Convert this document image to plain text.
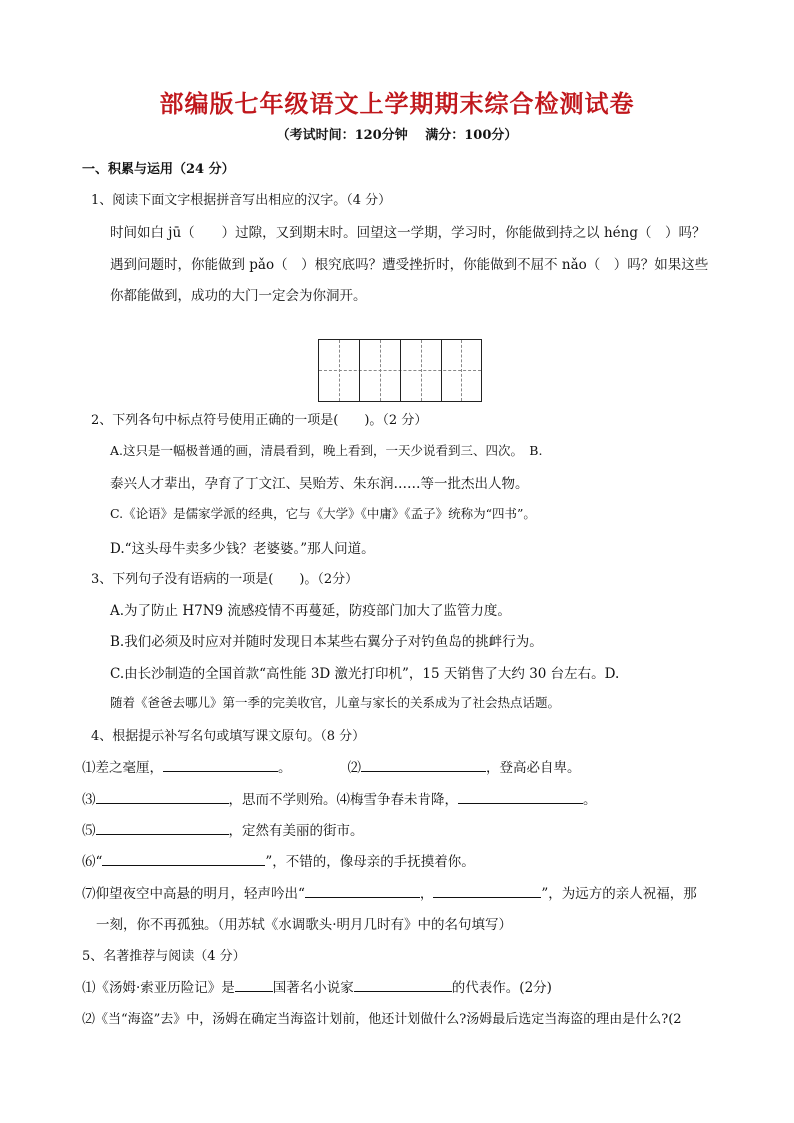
部编版七年级语文上学期期末综合检测试卷
（考试时间：120分钟　 满分：100分）
一、积累与运用（24 分）
1、阅读下面文字根据拼音写出相应的汉字。（4 分）
时间如白 jū（　　）过隙，又到期末时。回望这一学期，学习时，你能做到持之以 héng（　）吗？
遇到问题时，你能做到 pǎo（　）根究底吗？遭受挫折时，你能做到不屈不 nǎo（　）吗？如果这些
你都能做到，成功的大门一定会为你洞开。
2、下列各句中标点符号使用正确的一项是(　　)。（2 分）
A.这只是一幅极普通的画，清晨看到，晚上看到，一天少说看到三、四次。　B.
泰兴人才辈出，孕育了丁文江、吴贻芳、朱东润……等一批杰出人物。
C.《论语》是儒家学派的经典，它与《大学》《中庸》《孟子》统称为“四书”。
D.“这头母牛卖多少钱？老婆婆。”那人问道。
3、下列句子没有语病的一项是(　　)。（2分）
A.为了防止 H7N9 流感疫情不再蔓延，防疫部门加大了监管力度。
B.我们必须及时应对并随时发现日本某些右翼分子对钓鱼岛的挑衅行为。
C.由长沙制造的全国首款“高性能 3D 激光打印机”，15 天销售了大约 30 台左右。D.
随着《爸爸去哪儿》第一季的完美收官，儿童与家长的关系成为了社会热点话题。
4、根据提示补写名句或填写课文原句。（8 分）
⑴差之毫厘，	。	⑵	，登高必自卑。
⑶	，思而不学则殆。⑷梅雪争春未肯降，	。
⑸	，定然有美丽的街市。
⑹“	”，不错的，像母亲的手抚摸着你。
⑺仰望夜空中高悬的明月，轻声吟出“	，	”，为远方的亲人祝福，那
一刻，你不再孤独。（用苏轼《水调歌头·明月几时有》中的名句填写）
5、名著推荐与阅读（4 分）
⑴《汤姆·索亚历险记》是	国著名小说家	的代表作。(2分)
⑵《当“海盗”去》中，汤姆在确定当海盗计划前，他还计划做什么?汤姆最后选定当海盗的理由是什么?(2
